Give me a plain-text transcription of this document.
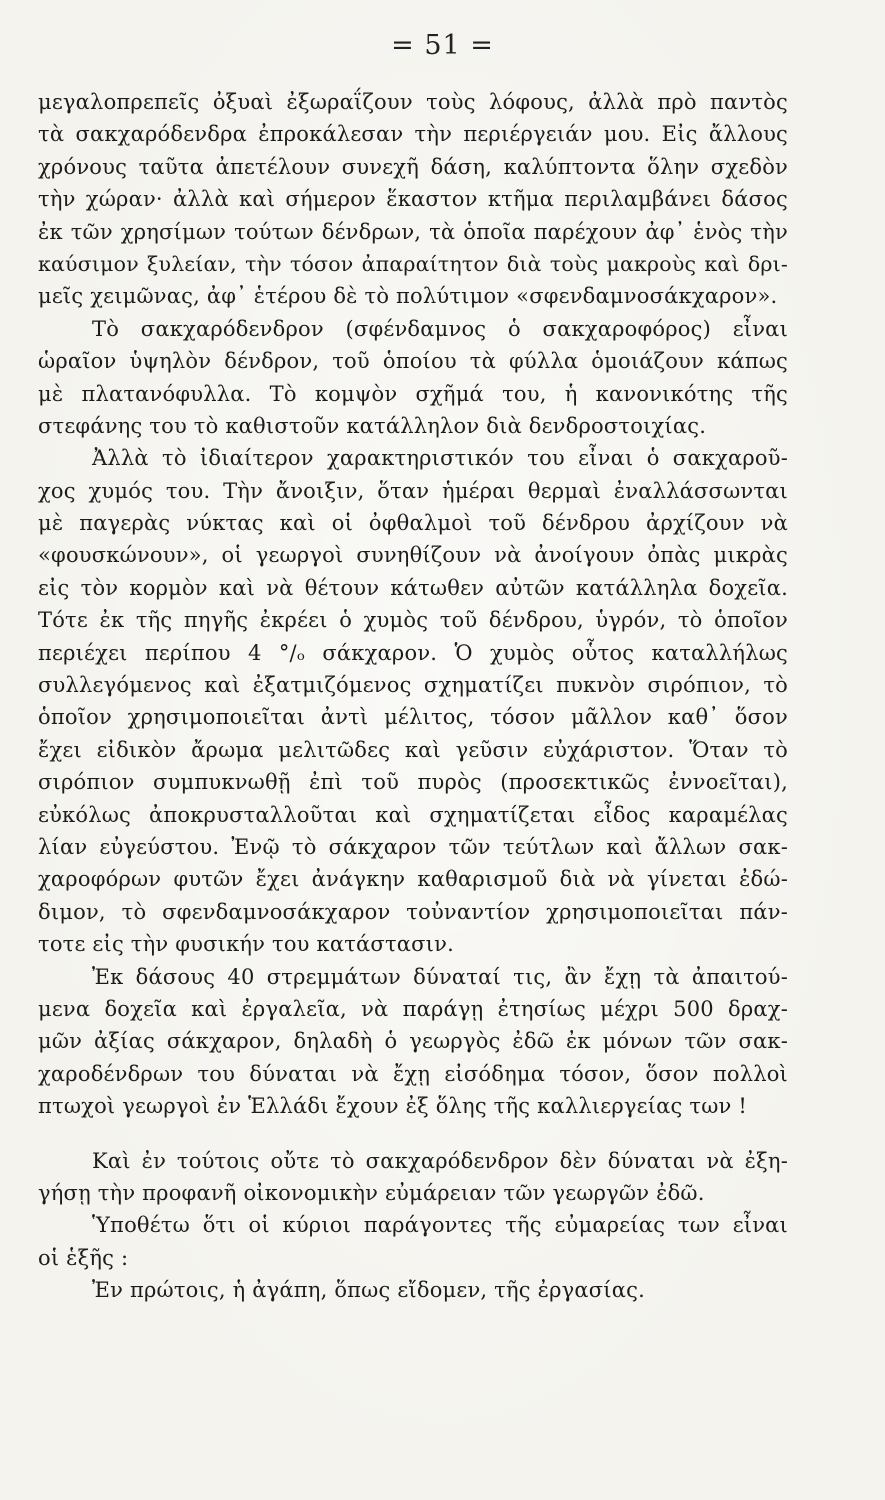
= 51 =
μεγαλοπρεπεῖς ὀξυαὶ ἐξωραΐζουν τοὺς λόφους, ἀλλὰ πρὸ παντὸς
τὰ σακχαρόδενδρα ἐπροκάλεσαν τὴν περιέργειάν μου. Εἰς ἄλλους
χρόνους ταῦτα ἀπετέλουν συνεχῆ δάση, καλύπτοντα ὅλην σχεδὸν
τὴν χώραν· ἀλλὰ καὶ σήμερον ἕκαστον κτῆμα περιλαμβάνει δάσος
ἐκ τῶν χρησίμων τούτων δένδρων, τὰ ὁποῖα παρέχουν ἀφ᾽ ἑνὸς τὴν
καύσιμον ξυλείαν, τὴν τόσον ἀπαραίτητον διὰ τοὺς μακροὺς καὶ δρι-
μεῖς χειμῶνας, ἀφ᾽ ἑτέρου δὲ τὸ πολύτιμον «σφενδαμνοσάκχαρον».
Τὸ σακχαρόδενδρον (σφένδαμνος ὁ σακχαροφόρος) εἶναι
ὡραῖον ὑψηλὸν δένδρον, τοῦ ὁποίου τὰ φύλλα ὁμοιάζουν κάπως
μὲ πλατανόφυλλα. Τὸ κομψὸν σχῆμά του, ἡ κανονικότης τῆς
στεφάνης του τὸ καθιστοῦν κατάλληλον διὰ δενδροστοιχίας.
Ἀλλὰ τὸ ἰδιαίτερον χαρακτηριστικόν του εἶναι ὁ σακχαροῦ-
χος χυμός του. Τὴν ἄνοιξιν, ὅταν ἡμέραι θερμαὶ ἐναλλάσσωνται
μὲ παγερὰς νύκτας καὶ οἱ ὀφθαλμοὶ τοῦ δένδρου ἀρχίζουν νὰ
«φουσκώνουν», οἱ γεωργοὶ συνηθίζουν νὰ ἀνοίγουν ὀπὰς μικρὰς
εἰς τὸν κορμὸν καὶ νὰ θέτουν κάτωθεν αὐτῶν κατάλληλα δοχεῖα.
Τότε ἐκ τῆς πηγῆς ἐκρέει ὁ χυμὸς τοῦ δένδρου, ὑγρόν, τὸ ὁποῖον
περιέχει περίπου 4 °/ₒ σάκχαρον. Ὁ χυμὸς οὗτος καταλλήλως
συλλεγόμενος καὶ ἐξατμιζόμενος σχηματίζει πυκνὸν σιρόπιον, τὸ
ὁποῖον χρησιμοποιεῖται ἀντὶ μέλιτος, τόσον μᾶλλον καθ᾽ ὅσον
ἔχει εἰδικὸν ἄρωμα μελιτῶδες καὶ γεῦσιν εὐχάριστον. Ὅταν τὸ
σιρόπιον συμπυκνωθῇ ἐπὶ τοῦ πυρὸς (προσεκτικῶς ἐννοεῖται),
εὐκόλως ἀποκρυσταλλοῦται καὶ σχηματίζεται εἶδος καραμέλας
λίαν εὐγεύστου. Ἐνῷ τὸ σάκχαρον τῶν τεύτλων καὶ ἄλλων σακ-
χαροφόρων φυτῶν ἔχει ἀνάγκην καθαρισμοῦ διὰ νὰ γίνεται ἐδώ-
διμον, τὸ σφενδαμνοσάκχαρον τοὐναντίον χρησιμοποιεῖται πάν-
τοτε εἰς τὴν φυσικήν του κατάστασιν.
Ἐκ δάσους 40 στρεμμάτων δύναταί τις, ἂν ἔχῃ τὰ ἀπαιτού-
μενα δοχεῖα καὶ ἐργαλεῖα, νὰ παράγῃ ἐτησίως μέχρι 500 δραχ-
μῶν ἀξίας σάκχαρον, δηλαδὴ ὁ γεωργὸς ἐδῶ ἐκ μόνων τῶν σακ-
χαροδένδρων του δύναται νὰ ἔχῃ εἰσόδημα τόσον, ὅσον πολλοὶ
πτωχοὶ γεωργοὶ ἐν Ἑλλάδι ἔχουν ἐξ ὅλης τῆς καλλιεργείας των !
Καὶ ἐν τούτοις οὔτε τὸ σακχαρόδενδρον δὲν δύναται νὰ ἐξη-
γήσῃ τὴν προφανῆ οἰκονομικὴν εὐμάρειαν τῶν γεωργῶν ἐδῶ.
Ὑποθέτω ὅτι οἱ κύριοι παράγοντες τῆς εὐμαρείας των εἶναι
οἱ ἑξῆς :
Ἐν πρώτοις, ἡ ἀγάπη, ὅπως εἴδομεν, τῆς ἐργασίας.
